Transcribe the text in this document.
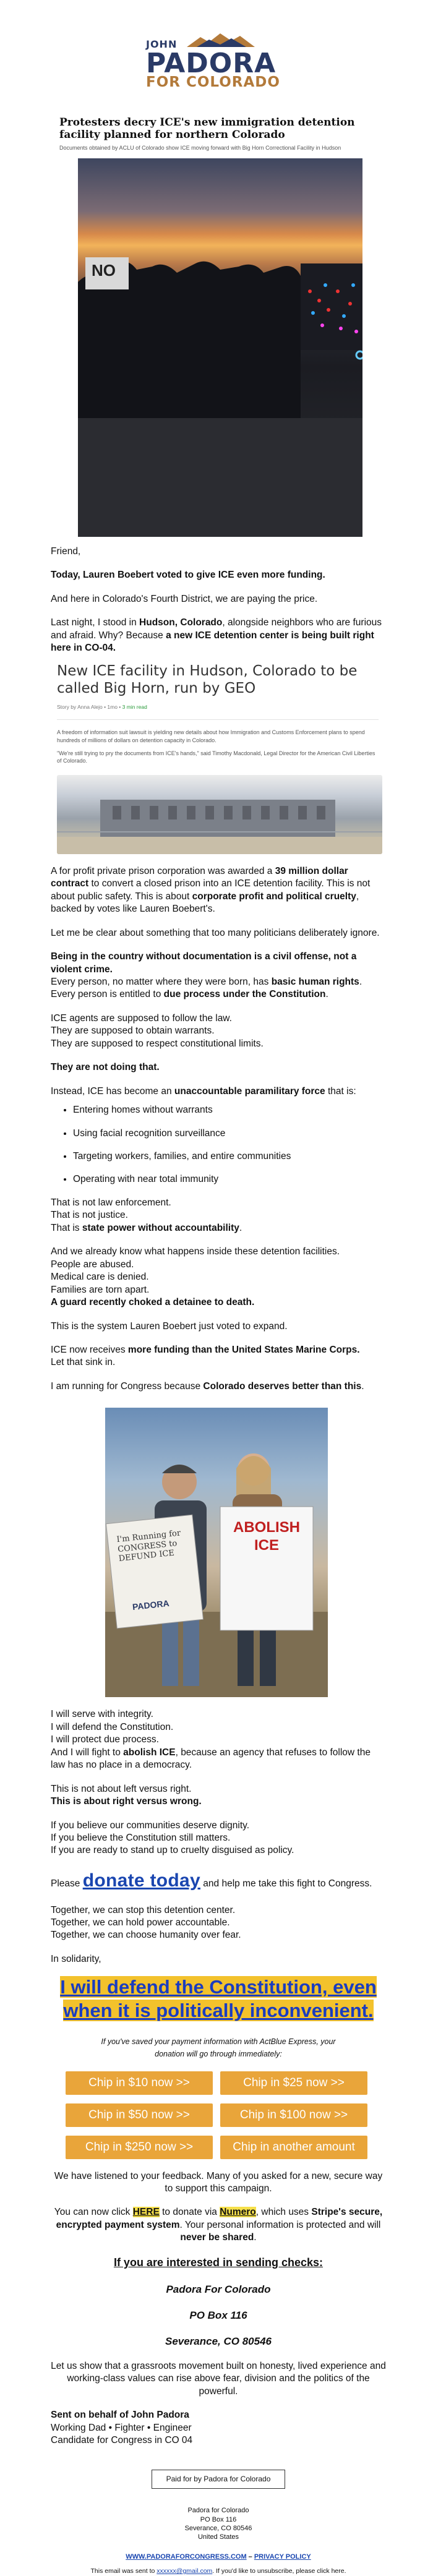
JOHN
PADORA
FOR COLORADO
Protesters decry ICE's new immigration detention facility planned for northern Colorado
Documents obtained by ACLU of Colorado show ICE moving forward with Big Horn Correctional Facility in Hudson
NO

Friend,

Today, Lauren Boebert voted to give ICE even more funding.

And here in Colorado's Fourth District, we are paying the price.

Last night, I stood in Hudson, Colorado, alongside neighbors who are furious and afraid. Why? Because a new ICE detention center is being built right here in CO-04.

New ICE facility in Hudson, Colorado to be called Big Horn, run by GEO
Story by Anna Alejo • 1mo • 3 min read
A freedom of information suit lawsuit is yielding new details about how Immigration and Customs Enforcement plans to spend hundreds of millions of dollars on detention capacity in Colorado.
"We're still trying to pry the documents from ICE's hands," said Timothy Macdonald, Legal Director for the American Civil Liberties of Colorado.

A for profit private prison corporation was awarded a 39 million dollar contract to convert a closed prison into an ICE detention facility. This is not about public safety. This is about corporate profit and political cruelty, backed by votes like Lauren Boebert's.

Let me be clear about something that too many politicians deliberately ignore.

Being in the country without documentation is a civil offense, not a violent crime.

Every person, no matter where they were born, has basic human rights.

Every person is entitled to due process under the Constitution.

ICE agents are supposed to follow the law.

They are supposed to obtain warrants.

They are supposed to respect constitutional limits.

They are not doing that.

Instead, ICE has become an unaccountable paramilitary force that is:

• Entering homes without warrants
• Using facial recognition surveillance
• Targeting workers, families, and entire communities
• Operating with near total immunity

That is not law enforcement.

That is not justice.

That is state power without accountability.

And we already know what happens inside these detention facilities.

People are abused.

Medical care is denied.

Families are torn apart.

A guard recently choked a detainee to death.

This is the system Lauren Boebert just voted to expand.

ICE now receives more funding than the United States Marine Corps.

Let that sink in.

I am running for Congress because Colorado deserves better than this.

I'm Running for CONGRESS to DEFUND ICE
PADORA
ABOLISH ICE

I will serve with integrity.

I will defend the Constitution.

I will protect due process.

And I will fight to abolish ICE, because an agency that refuses to follow the law has no place in a democracy.

This is not about left versus right.

This is about right versus wrong.

If you believe our communities deserve dignity.

If you believe the Constitution still matters.

If you are ready to stand up to cruelty disguised as policy.

Please donate today and help me take this fight to Congress.

Together, we can stop this detention center.

Together, we can hold power accountable.

Together, we can choose humanity over fear.

In solidarity,

I will defend the Constitution, even when it is politically inconvenient.
If you've saved your payment information with ActBlue Express, your
donation will go through immediately:
Chip in $10 now >>	Chip in $25 now >>
Chip in $50 now >>	Chip in $100 now >>
Chip in $250 now >>	Chip in another amount

We have listened to your feedback. Many of you asked for a new, secure way to support this campaign.

You can now click HERE to donate via Numero, which uses Stripe's secure, encrypted payment system. Your personal information is protected and will never be shared.

If you are interested in sending checks:
Padora For Colorado
PO Box 116
Severance, CO 80546

Let us show that a grassroots movement built on honesty, lived experience and working-class values can rise above fear, division and the politics of the powerful.

Sent on behalf of John Padora

Working Dad • Fighter • Engineer

Candidate for Congress in CO 04

Paid for by Padora for Colorado
Padora for Colorado
PO Box 116
Severance, CO 80546
United States
WWW.PADORAFORCONGRESS.COM – PRIVACY POLICY
This email was sent to xxxxxx@gmail.com. If you'd like to unsubscribe, please click here.
